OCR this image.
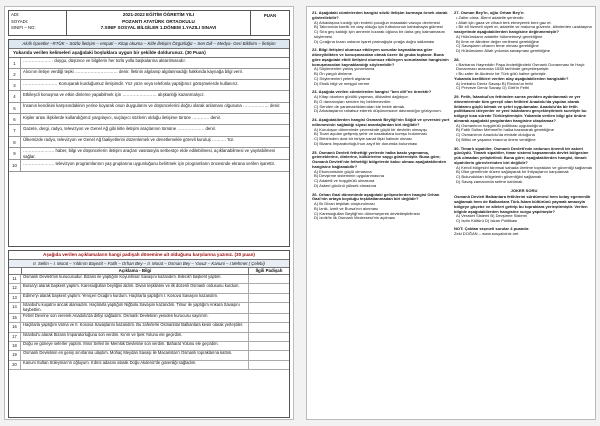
ADI:
SOYADI:
SINIFI – NO:
2021-2022 EĞİTİM ÖĞRETİM YILI
POZANTI ATATÜRK ORTAOKULU
7.SINIF SOSYAL BİLGİLER 1.DÖNEM 1.YAZILI SINAVI
PUAN
Akıllı İşaretler –RTÜK – Sözlü İletişim – empati – Kitap okuma – Kitle İletişim Özgürlüğü – Sen Dili – Medya- Geri Bildirim – İletişim
Yukarıda verilen kelimeleri aşağıdaki boşluklara uygun bir şekilde doldurunuz. (30 Puan)
1	………………… duygu, düşünce ve bilgilerin her türlü yolla başkalarına aktarılmasıdır.
2	Alıcının iletiye verdiği tepki ………………………… denir. İletinin algılanıp algılanmadığı hakkında kaynağa bilgi verir.
3	…………………… Konuşarak kurduğumuz iletişimdir. Yüz yüze veya telefonla yaptığımız görüşmelerde kullanırız.
4	Etkileşcli konuşma ve etkin dinleme yapabilmek için …………………… alışkanlığı kazanmalıyız.
5	İnsanın kendisini karşısındakinin yerine koyarak onun duygularını ve düşüncelerini doğru olarak anlaması olgusuna ……………… denir.
6	Kişiler arası ilişkilerde kullandığımız yargılayıcı, suçlayıcı sözlerin olduğu iletişime türüne ………… denir.
7	Gazete, dergi, radyo, televizyon ve Genel Ağ gibi kitle iletişim araçlarının tümüne ………………. denir.
8	Ülkemizde radyo, televizyon ve Genel Ağ faaliyetlerini düzenlemek ve denetlemekle görevli kuruluş ………. 'tür.
9	…………………. haber, bilgi ve düşüncelerin iletişim araçları vasıtasıyla serbestçe elde edilebilmesi, açıklanabilmesi ve yayılabilmesi sağlar.
10	…………………. televizyon programlarının yaş gruplarına uygunluğunu belirtmek için programların öncesinde ekrana verilen işarettir.
Aşağıda verilen açıklamaların hangi padişah dönemine ait olduğunu karşılarına yazınız. (30 puan)
II. Selim – I. Murat – Yıldırım Bayezit – Fatih – Orhan Bey – II. Murat – Osman Bey – Yavuz – Kanuni – I.Mehmet ( Çelebi)
Açıklama - Bilgi	İlgili Padişah
11	Osmanlı Devleti'nin kurucusudur. Bizans ile yaptığım Koyunhisar Savaşını kazandım. Bilecik'i başkent yaptım.
12	Bursa'yı alarak başkent yaptım. Karesioğulları beyliğini aldım. Divan teşkilatını ve ilk düzenli Osmanlı ordusunu kurdum.
13	Edirne'yi alarak başkent yaptım. Yeniçeri Ocağını kurdum. Haçlılarla yaptığım I. Kosova Savaşını kazandım.
14	İstanbul'u kuşatmı ancak alamadım. Haçlılarla yaptığım Niğbolu Savaşını kazandım. Timur ile yaptığım Ankara Savaşını kaybettim.
15	Fetret Devrine son vererek Anadolu'da dirliyi sağladım. Osmanlı Devletinin yeniden kurucusu sayılırım.
16	Haçlılarla yaptığım Varna ve II. Kosova Savaşlarını kazandım. Bu zaferlerle Osmanlılar Balkanlara kesin olarak yerleştiler.
17	İstanbul'u alarak Bizans İmparatorluğuna son verdim. Kırım ve İpek Yolunu ele geçirdim.
18	Doğu ve güneye seferler yaptım. Mısır Seferi ile Memlük Devletine son verdim. Baharat Yolunu ele geçirdim.
19	Osmanlı Devletinin en geniş sınırlarına ulaştım. Mohaç Meydan Savaşı ile Macaristan'ı Osmanlı topraklarına kattım.
20	Kanuni Sultan Süleyman'ın oğluyum. Kıbrıs adasını alarak Doğu Akdeniz'de güvenliği sağladım.
21. Aşağıdaki cümlelerden hangisi sözlü iletişim kurmaya örnek olarak gösterilebilir?
A) Arkadaşına kızdığı için evdeki çocuğun masadaki vazoyu devirmesi
B) Takımında komik bir olay olduğu için futbolcunun kahkahayla gülmesi
C) Sıra geç kaldığı için annenin kızarak oğluna bir daha geç kalmamasını söylemesi
D) Çırağına kızan ustanın işaret parmağıyla çırağa doğru sallaması
22. Bilgi iletişimi olumsuz etkileyen sorunlar kaynaklarına göre döneyildikten ve konuşmacıdan olmak üzere iki gruba toplanır. Buna göre aşağıdaki etkili iletişimi olumsuz etkileyen sorunlardan hangisinin konuşmacıdan kaynaklandığı söylenebilir?
A) Söylenenleri yanlış yorumlama
B) Ön yargılı dinleme
C) Söylenenleri yeterli algılama
D) Eksik bilgi ve meşgul verme
23. Aşağıda verilen cümlelerden hangisi "ben dili"ne örnektir?
A) Kitap okurken gürültü yapman, dikkatimi dağıtıyor.
B) O davranışları senden hiç beklemezdim.
C) Senden de yaramaztıklarından ide bekle atmak.
D) Arkadaşlarını rahatsız ederek düşüncesizce davrandığın görüyorum.
24. Aşağıdakilerden hangisi Osmanlı Beyliği'nin Söğüt ve çevresini yurt edinmesinin sağladığı siyasi avantajlardan biri değildir?
A) Kuruluşun döneminde çevresinde güçlü bir devletin olmayışı
B) Ticari açıdan gelişmiş şehir ve kasabalara komşu bulunması
C) Birbirinden dost bir biriyle sanat ilişki halinde olması
D) Bizans İmparatorluğu'nun zayıf bir durumda bulunması
25. Osmanlı Devleti fethettiği yerlerde halka baskı yapmamış, geleneklerine, dinlerine, kültürlerine saygı göstermiştir. Buna göre; Osmanlı Devleti'nin fethettiği bölgelerde kalıcı olması aşağıdakilerden hangisine bağlanabilir?
A) Ekonomisinin güçlü olmasına
B) Devşirme sisteminin uygulanmasına
C) Adaletli ve hoşgörülü olmasına
D) Askeri gücünü yüksek olmasına
26. Orhan Gazi döneminde aşağıdaki gelişmelerden hangisi Orhan Gazi'nin ortaya koyduğu teşkilatlanmadan biri değildir?
A) İlk Divan teşkilatı oluşturulması
B) İznik, İzmit ve Bursa'nın alınması
C) Karesioğulları Beyliği'nin dönemeyerek devletleştirilmesi
D) İznik'te ilk Osmanlı Medresesi'nin açılması
27. Osman Bey'in, oğlu Orhan Bey'e:
• Zalim olma. Âlemi adaletle şenlendir.
• Allah için gaza ve cihadı terk etmeyerek beni gaz et.
• Bir idi hizmeti niyeti et, adaletle ve maluma güvenle, âlimlerden uzaklaşma
vasiyetinde aşağıdakilerden hangisine değinmemiştir?
A) Hükümdarın adaletle hükmetmeyi gerektiğine
B) İlme ve âlimlere değer verilmesi gerektiğine
C) Savaşların cihanın teme olması gerektiğine
D) Hükümdarın Allah yolunda savaşması gerektiğine
28.
• Barbaros Hayreddin Paşa önderliğindeki Osmanlı Donanması ile Haçlı Donanması arasında 1538 tarihinde gerçekleşmiştir.
• Bu zafer ile Akdeniz bir Türk gölü haline gelmiştir.
Yukarıda özellikleri verilen olay aşağıdakilerden hangisidir?
A) İnebahtı Deniz Savaşı B) Rodos'un fethi
C) Preveze Deniz Savaşı D) Girit'in Fethi
29. Fetih, İstanbul'un fethinden sonra yeniden aydınlanmalı ve yer dönemlerinde tüm gereçil olan fetihleri Anadolu'da yapılan olarak iktidarını güçlü kılmak ve şehri uygulamalar. Anadolu'da bir fetih politikasını izleyenler ve yeni iskânlarını gerçekleştirmek suretiyle bu bölgeyi kısa sürede Türkleştirmiştir. Yukarıda verilen bilgi göz önüne alınarak aşağıdaki yargılardan hangisine ulaşılamaz?
A) Osmanlının hoşgörülü politikası uyguladığına
B) Fatih Sultan Mehmet'in halka kazanarak gerektiğine
C) Osmanlının Anadolu'da etnisite olduğuna
D) Bitlisi ve yaşama imacına önem verdiğine
30. Timarlı sipahiler, Osmanlı Devleti'nde ordunun önemli bir askerî gücüydü. Timarlı sipahiler, timar sistemi kapsamında devlet bölgesine yük olmadan yetiştirilirdi. Buna göre; aşağıdakilerden hangisi, timarlı sipahilerin görevlerinden biri değildir?
A) Kendi bölgesini tarımsal sahada üretime toprakları ve güvenliği sağlamak
B) Ülke genelinde düzen sağlayarak bir ihtiyaçlarını karşılamak
C) Bulundukları bölgelerin güvenliğini sağlamak
D) Savaş zamanında sefere katılmak
JOKER SORU
Osmanlı Devleti Balkanlara fetihlerini sürdürmesi hem kolay egemenlik sağlamak hem de Balkanlara Türk-İslam kültürünü yaymak amacıyla bölgeye göçebe ve aileleri getirip bu topraklara yerleştirmiştir. Verilen bilgide aşağıdakilerden hangisine vurgu yapılmıştır?
A) Veraset Sistemi B) Devşirme Sistemi
C) İsdin Kültürü D) İskan Politikası
NOT: Çoktan seçmeli sorular 4 puandır.
Zeki DOĞAN – www.sosyaIciniz.net
